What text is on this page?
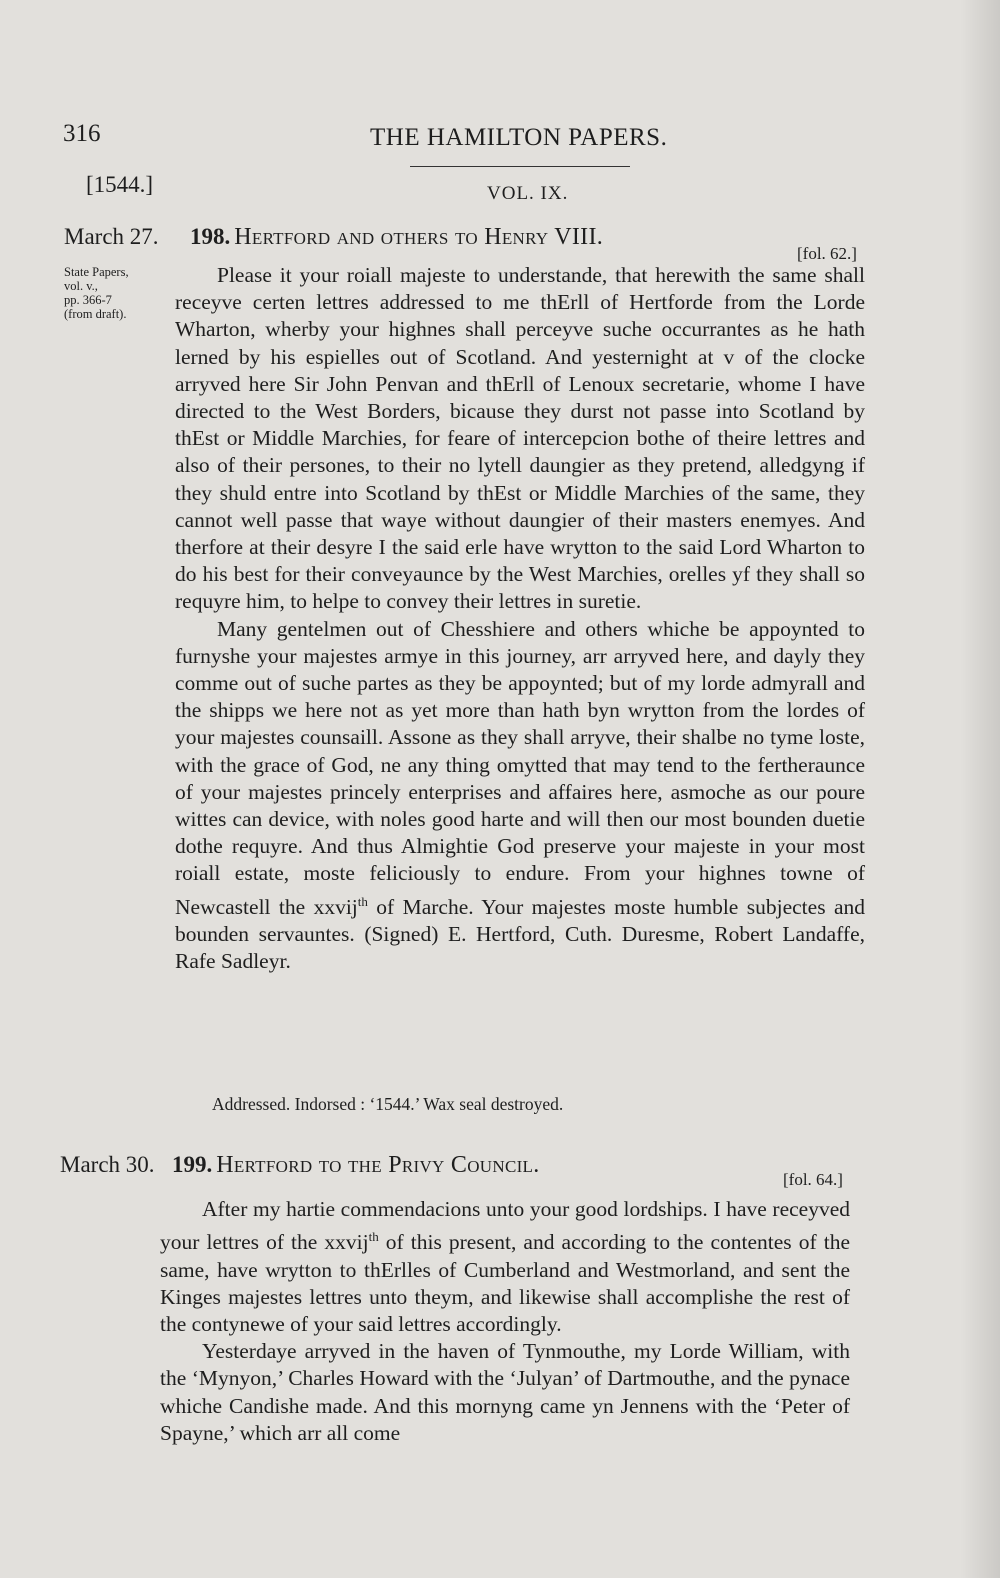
316	THE HAMILTON PAPERS.
[1544.]	VOL. IX.
March 27. 198. Hertford and others to Henry VIII.
[fol. 62.]
State Papers,
vol. v.,
pp. 366-7
(from draft).

Please it your roiall majeste to understande, that herewith the same shall receyve certen lettres addressed to me thErll of Hertforde from the Lorde Wharton, wherby your highnes shall perceyve suche occurrantes as he hath lerned by his espielles out of Scotland. And yesternight at v of the clocke arryved here Sir John Penvan and thErll of Lenoux secretarie, whome I have directed to the West Borders, bicause they durst not passe into Scotland by thEst or Middle Marchies, for feare of intercepcion bothe of theire lettres and also of their persones, to their no lytell daungier as they pretend, alledgyng if they shuld entre into Scotland by thEst or Middle Marchies of the same, they cannot well passe that waye without daungier of their masters enemyes. And therfore at their desyre I the said erle have wrytton to the said Lord Wharton to do his best for their conveyaunce by the West Marchies, orelles yf they shall so requyre him, to helpe to convey their lettres in suretie.

Many gentelmen out of Chesshiere and others whiche be appoynted to furnyshe your majestes armye in this journey, arr arryved here, and dayly they comme out of suche partes as they be appoynted; but of my lorde admyrall and the shipps we here not as yet more than hath byn wrytton from the lordes of your majestes counsaill. Assone as they shall arryve, their shalbe no tyme loste, with the grace of God, ne any thing omytted that may tend to the fertheraunce of your majestes princely enterprises and affaires here, asmoche as our poure wittes can device, with noles good harte and will then our most bounden duetie dothe requyre. And thus Almightie God preserve your majeste in your most roiall estate, moste feliciously to endure. From your highnes towne of Newcastell the xxvij$^{th}$ of Marche. Your majestes moste humble subjectes and bounden servauntes. (Signed) E. Hertford, Cuth. Duresme, Robert Landaffe, Rafe Sadleyr.

Addressed. Indorsed : ‘1544.’ Wax seal destroyed.
March 30. 199. Hertford to the Privy Council.
[fol. 64.]

After my hartie commendacions unto your good lordships. I have receyved your lettres of the xxvij$^{th}$ of this present, and according to the contentes of the same, have wrytton to thErlles of Cumberland and Westmorland, and sent the Kinges majestes lettres unto theym, and likewise shall accomplishe the rest of the contynewe of your said lettres accordingly.

Yesterdaye arryved in the haven of Tynmouthe, my Lorde William, with the ‘Mynyon,’ Charles Howard with the ‘Julyan’ of Dartmouthe, and the pynace whiche Candishe made. And this mornyng came yn Jennens with the ‘Peter of Spayne,’ which arr all come
